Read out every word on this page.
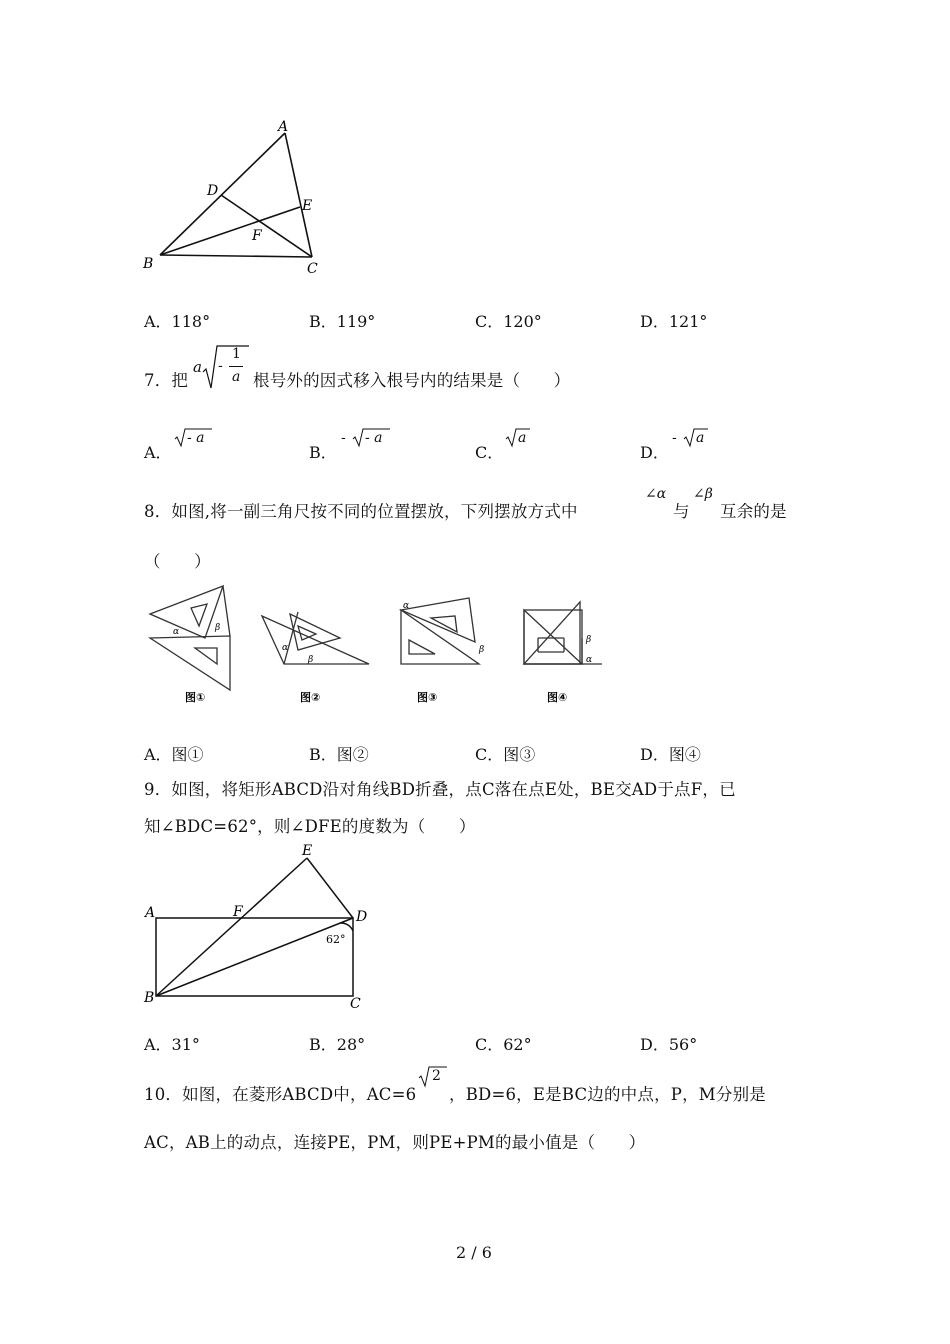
A
D
E
F
B	C
A．118°	B．119°	C．120°	D．121°
7．把
a -
1
a 根号外的因式移入根号内的结果是（　　）
A．
- a
B．
- - a
C．
a
D．
- a
8．如图,将一副三角尺按不同的位置摆放，下列摆放方式中
∠α
与
∠β
互余的是
（　　）
α	β
图①
α
β
图②
α
β
图③
β
α
图④
A．图①	B．图②	C．图③	D．图④
9．如图，将矩形ABCD沿对角线BD折叠，点C落在点E处，BE交AD于点F，已
知∠BDC=62°，则∠DFE的度数为（　　）
E
A	F	D
62°
B	C
A．31°	B．28°	C．62°	D．56°
10．如图，在菱形ABCD中，AC=6
2
，BD=6，E是BC边的中点，P，M分别是
AC，AB上的动点，连接PE，PM，则PE+PM的最小值是（　　）
2 / 6
